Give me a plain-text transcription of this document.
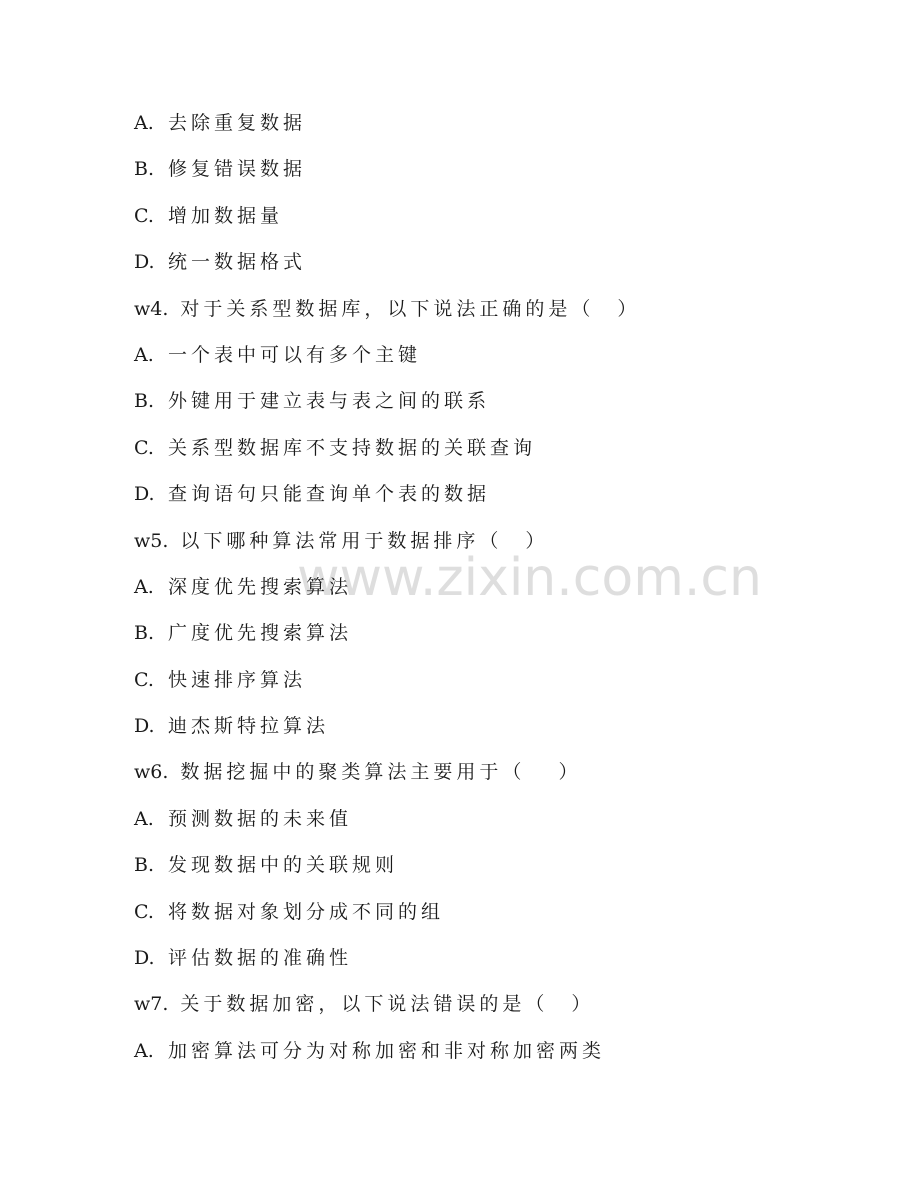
www.zixin.com.cn
A. 去除重复数据
B. 修复错误数据
C. 增加数据量
D. 统一数据格式
w4. 对于关系型数据库，以下说法正确的是（　）
A. 一个表中可以有多个主键
B. 外键用于建立表与表之间的联系
C. 关系型数据库不支持数据的关联查询
D. 查询语句只能查询单个表的数据
w5. 以下哪种算法常用于数据排序（　）
A. 深度优先搜索算法
B. 广度优先搜索算法
C. 快速排序算法
D. 迪杰斯特拉算法
w6. 数据挖掘中的聚类算法主要用于（　 ）
A. 预测数据的未来值
B. 发现数据中的关联规则
C. 将数据对象划分成不同的组
D. 评估数据的准确性
w7. 关于数据加密，以下说法错误的是（　）
A. 加密算法可分为对称加密和非对称加密两类
